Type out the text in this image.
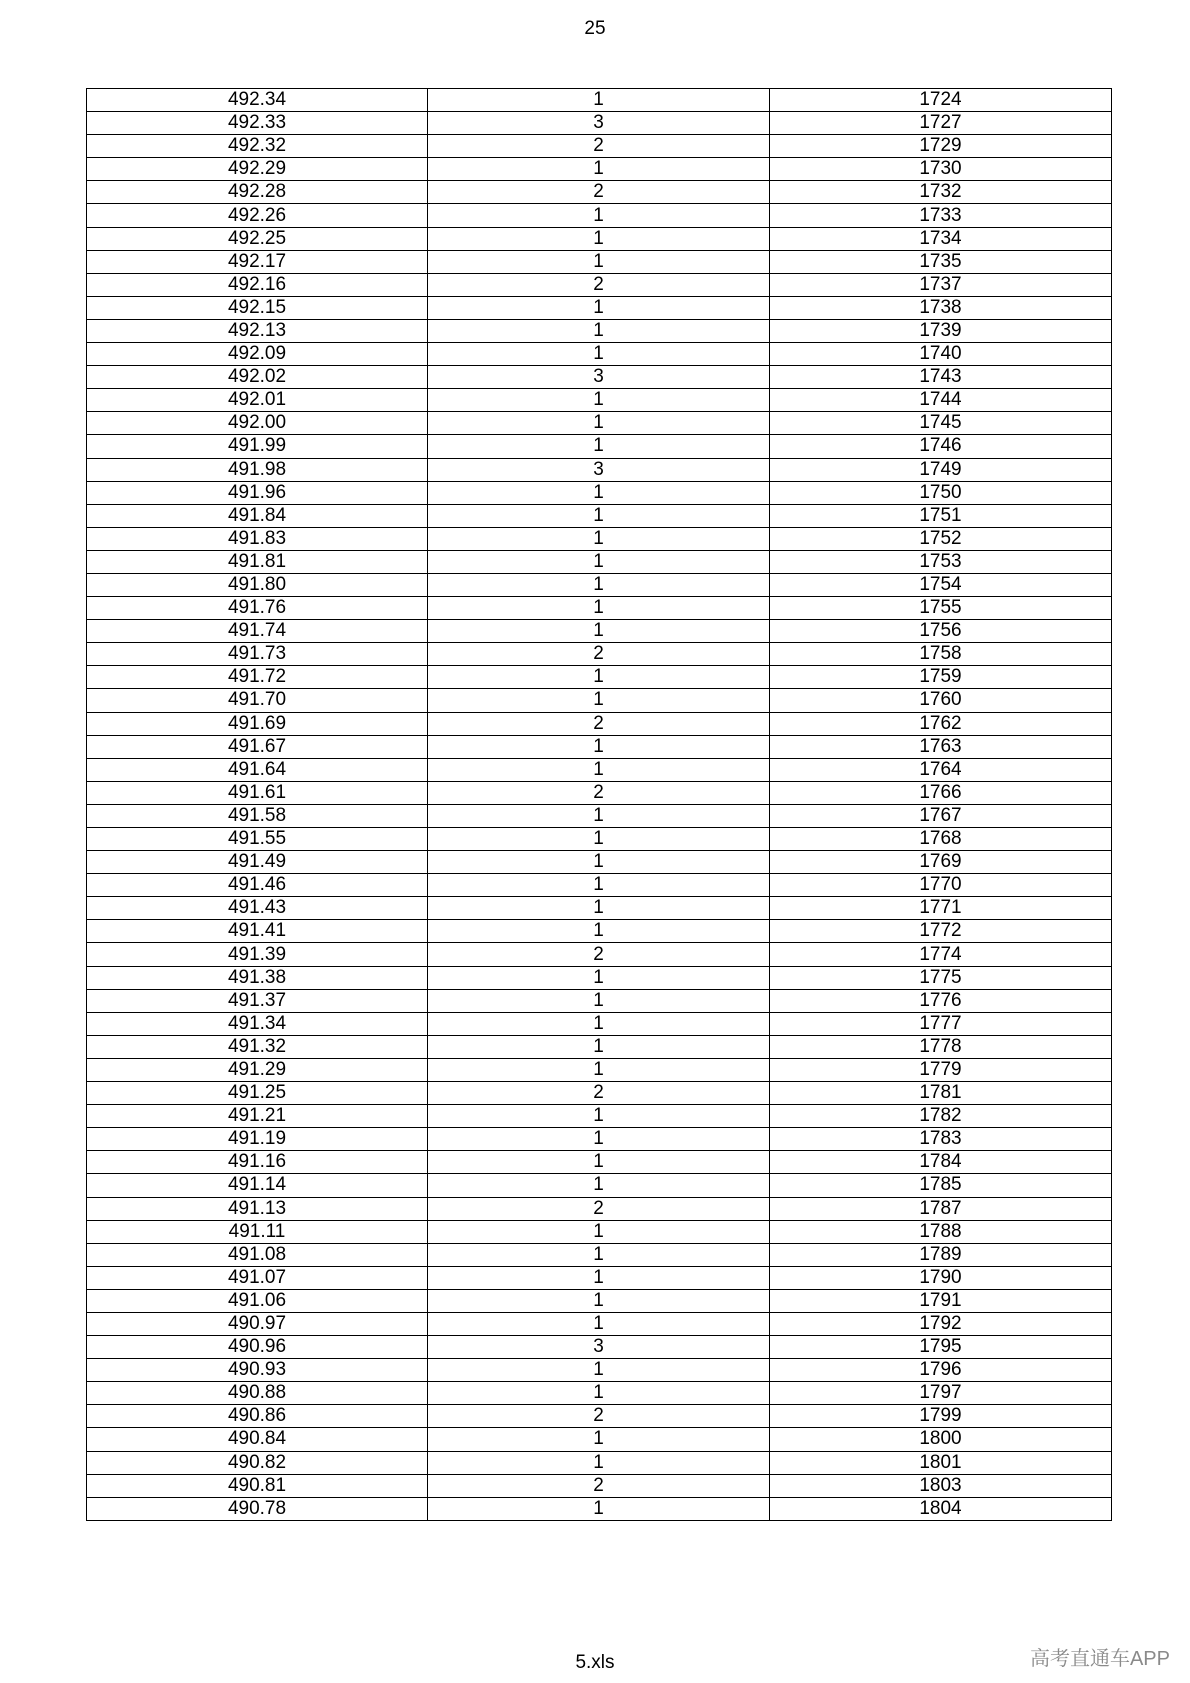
25
492.34	1	1724
492.33	3	1727
492.32	2	1729
492.29	1	1730
492.28	2	1732
492.26	1	1733
492.25	1	1734
492.17	1	1735
492.16	2	1737
492.15	1	1738
492.13	1	1739
492.09	1	1740
492.02	3	1743
492.01	1	1744
492.00	1	1745
491.99	1	1746
491.98	3	1749
491.96	1	1750
491.84	1	1751
491.83	1	1752
491.81	1	1753
491.80	1	1754
491.76	1	1755
491.74	1	1756
491.73	2	1758
491.72	1	1759
491.70	1	1760
491.69	2	1762
491.67	1	1763
491.64	1	1764
491.61	2	1766
491.58	1	1767
491.55	1	1768
491.49	1	1769
491.46	1	1770
491.43	1	1771
491.41	1	1772
491.39	2	1774
491.38	1	1775
491.37	1	1776
491.34	1	1777
491.32	1	1778
491.29	1	1779
491.25	2	1781
491.21	1	1782
491.19	1	1783
491.16	1	1784
491.14	1	1785
491.13	2	1787
491.11	1	1788
491.08	1	1789
491.07	1	1790
491.06	1	1791
490.97	1	1792
490.96	3	1795
490.93	1	1796
490.88	1	1797
490.86	2	1799
490.84	1	1800
490.82	1	1801
490.81	2	1803
490.78	1	1804
5.xls	高考直通车APP
